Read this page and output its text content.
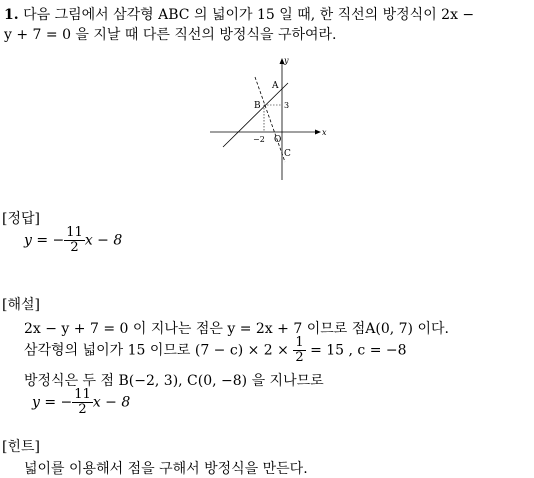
1. 다음 그림에서 삼각형 ABC 의 넓이가 15 일 때, 한 직선의 방정식이 2x −
y + 7 = 0 을 지날 때 다른 직선의 방정식을 구하여라.
x
y
A
B
C
O
3
−2
[정답]
y = − $\frac{11}{2}$ x − 8
[해설]
2x − y + 7 = 0 이 지나는 점은 y = 2x + 7 이므로 점A(0, 7) 이다.
삼각형의 넓이가 15 이므로 $(7 - c) \times 2 \times \frac{1}{2} = 15$ , c = −8
방정식은 두 점 B(−2, 3), C(0, −8) 을 지나므로
y = − $\frac{11}{2}$ x − 8
[힌트]
넓이를 이용해서 점을 구해서 방정식을 만든다.
